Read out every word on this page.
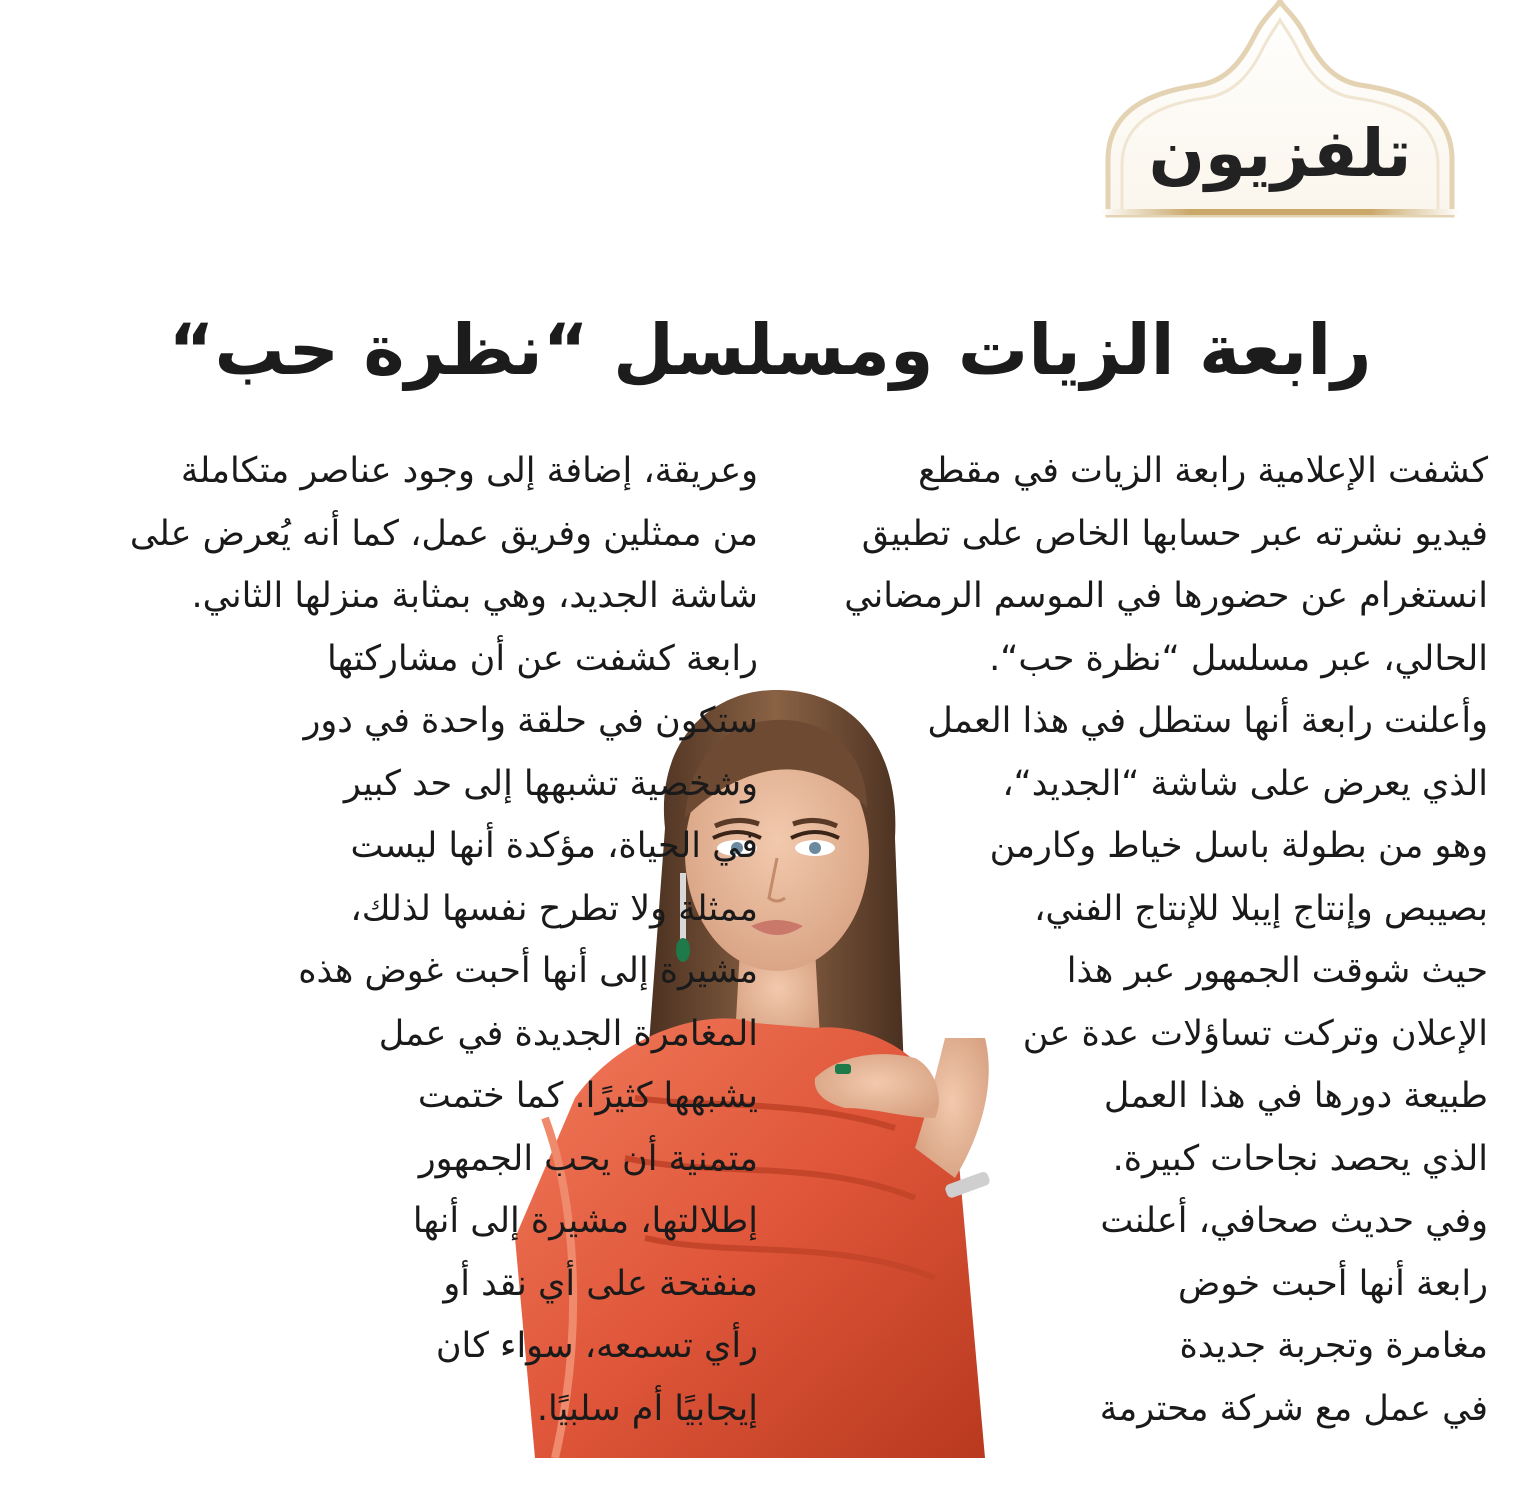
تلفزيون
رابعة الزيات ومسلسل “نظرة حب“

كشفت الإعلامية رابعة الزيات في مقطع
فيديو نشرته عبر حسابها الخاص على تطبيق
انستغرام عن حضورها في الموسم الرمضاني
الحالي، عبر مسلسل “نظرة حب“.

وأعلنت رابعة أنها ستطل في هذا العمل
الذي يعرض على شاشة “الجديد“،
وهو من بطولة باسل خياط وكارمن
بصيبص وإنتاج إيبلا للإنتاج الفني،
حيث شوقت الجمهور عبر هذا
الإعلان وتركت تساؤلات عدة عن
طبيعة دورها في هذا العمل
الذي يحصد نجاحات كبيرة.

وفي حديث صحافي، أعلنت
رابعة أنها أحبت خوض
مغامرة وتجربة جديدة
في عمل مع شركة محترمة

وعريقة، إضافة إلى وجود عناصر متكاملة
من ممثلين وفريق عمل، كما أنه يُعرض على
شاشة الجديد، وهي بمثابة منزلها الثاني.

رابعة كشفت عن أن مشاركتها
ستكون في حلقة واحدة في دور
وشخصية تشبهها إلى حد كبير
في الحياة، مؤكدة أنها ليست
ممثلة ولا تطرح نفسها لذلك،
مشيرة إلى أنها أحبت غوض هذه
المغامرة الجديدة في عمل
يشبهها كثيرًا. كما ختمت
متمنية أن يحب الجمهور
إطلالتها، مشيرة إلى أنها
منفتحة على أي نقد أو
رأي تسمعه، سواء كان
إيجابيًا أم سلبيًا.
